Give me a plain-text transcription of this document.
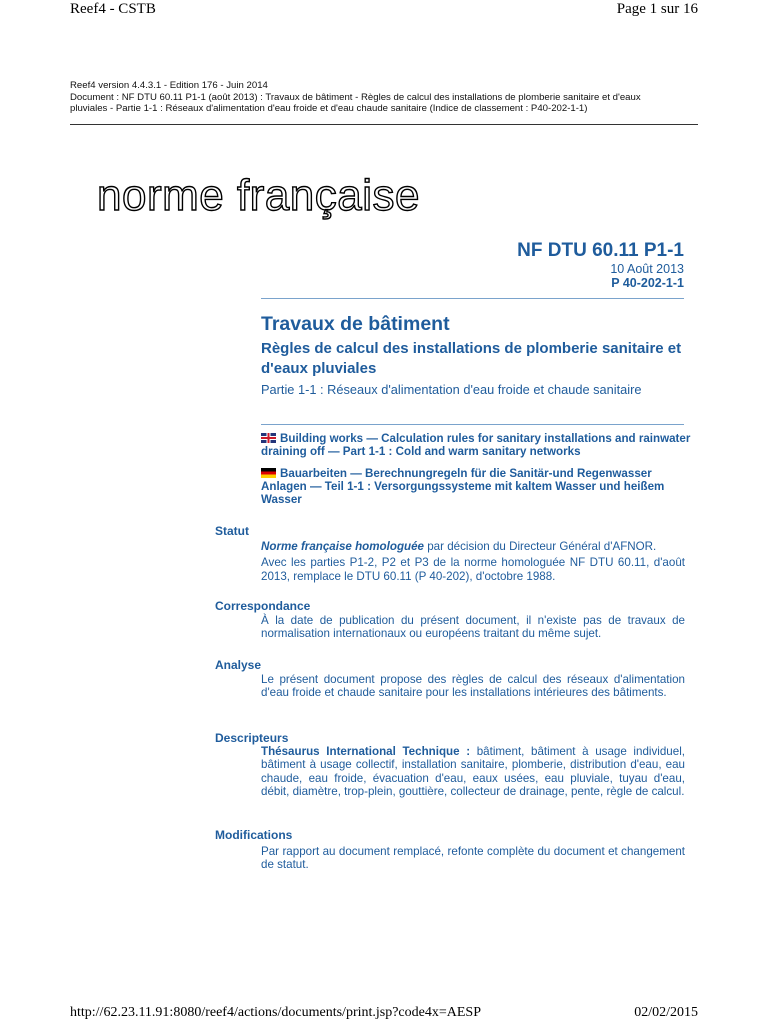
Reef4 - CSTB	Page 1 sur 16
Reef4 version 4.4.3.1 - Edition 176 - Juin 2014
Document : NF DTU 60.11 P1-1 (août 2013) : Travaux de bâtiment - Règles de calcul des installations de plomberie sanitaire et d'eaux
pluviales - Partie 1-1 : Réseaux d'alimentation d'eau froide et d'eau chaude sanitaire (Indice de classement : P40-202-1-1)
norme française
NF DTU 60.11 P1-1
10 Août 2013
P 40-202-1-1
Travaux de bâtiment
Règles de calcul des installations de plomberie sanitaire et d'eaux pluviales
Partie 1-1 : Réseaux d'alimentation d'eau froide et chaude sanitaire
Building works — Calculation rules for sanitary installations and rainwater draining off — Part 1-1 : Cold and warm sanitary networks
Bauarbeiten — Berechnungregeln für die Sanitär-und Regenwasser Anlagen — Teil 1-1 : Versorgungssysteme mit kaltem Wasser und heißem Wasser
Statut

Norme française homologuée par décision du Directeur Général d'AFNOR.

Avec les parties P1-2, P2 et P3 de la norme homologuée NF DTU 60.11, d'août 2013, remplace le DTU 60.11 (P 40-202), d'octobre 1988.

Correspondance
À la date de publication du présent document, il n'existe pas de travaux de normalisation internationaux ou européens traitant du même sujet.
Analyse
Le présent document propose des règles de calcul des réseaux d'alimentation d'eau froide et chaude sanitaire pour les installations intérieures des bâtiments.
Descripteurs
Thésaurus International Technique : bâtiment, bâtiment à usage individuel, bâtiment à usage collectif, installation sanitaire, plomberie, distribution d'eau, eau chaude, eau froide, évacuation d'eau, eaux usées, eau pluviale, tuyau d'eau, débit, diamètre, trop-plein, gouttière, collecteur de drainage, pente, règle de calcul.
Modifications
Par rapport au document remplacé, refonte complète du document et changement de statut.
http://62.23.11.91:8080/reef4/actions/documents/print.jsp?code4x=AESP	02/02/2015
